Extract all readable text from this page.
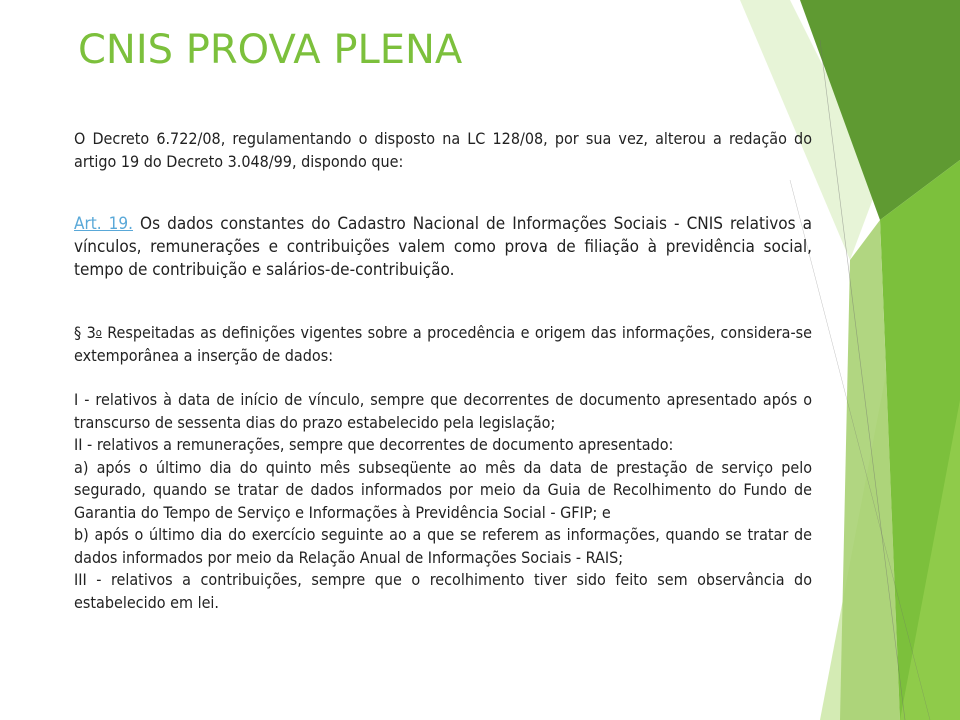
CNIS PROVA PLENA

O Decreto 6.722/08, regulamentando o disposto na LC 128/08, por sua vez, alterou a redação do artigo 19 do Decreto 3.048/99, dispondo que:

Art. 19. Os dados constantes do Cadastro Nacional de Informações Sociais - CNIS relativos a vínculos, remunerações e contribuições valem como prova de filiação à previdência social, tempo de contribuição e salários-de-contribuição.

§ 3o Respeitadas as definições vigentes sobre a procedência e origem das informações, considera-se extemporânea a inserção de dados:

I - relativos à data de início de vínculo, sempre que decorrentes de documento apresentado após o transcurso de sessenta dias do prazo estabelecido pela legislação;

II - relativos a remunerações, sempre que decorrentes de documento apresentado:

a) após o último dia do quinto mês subseqüente ao mês da data de prestação de serviço pelo segurado, quando se tratar de dados informados por meio da Guia de Recolhimento do Fundo de Garantia do Tempo de Serviço e Informações à Previdência Social - GFIP; e

b) após o último dia do exercício seguinte ao a que se referem as informações, quando se tratar de dados informados por meio da Relação Anual de Informações Sociais - RAIS;

III - relativos a contribuições, sempre que o recolhimento tiver sido feito sem observância do estabelecido em lei.
